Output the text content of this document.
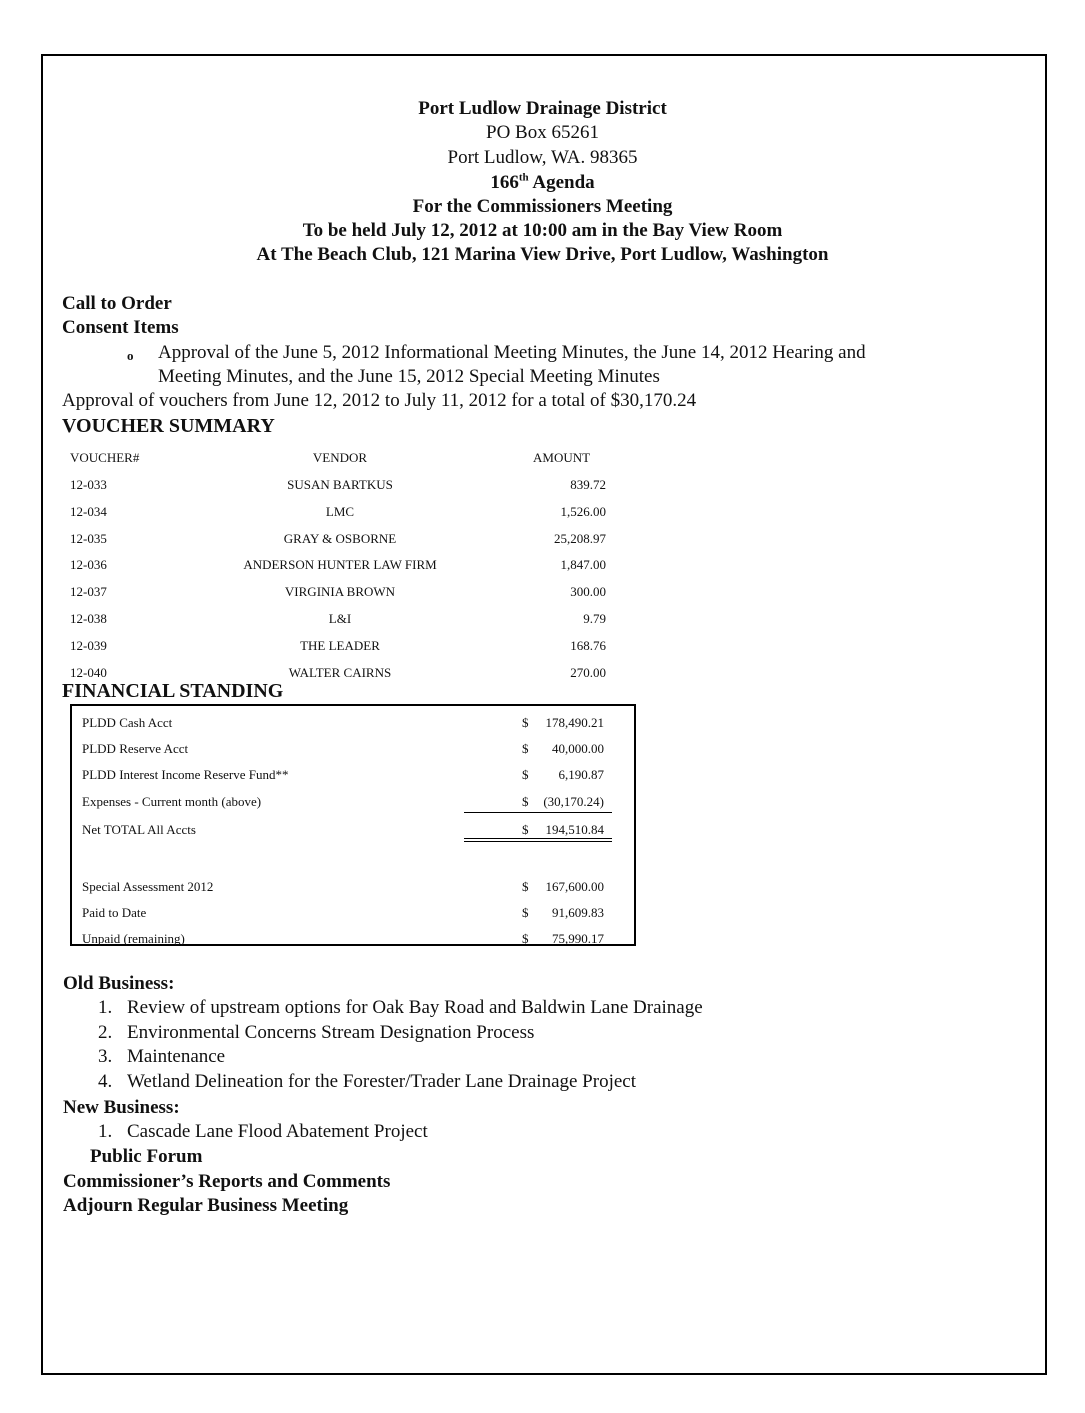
Port Ludlow Drainage District
PO Box 65261
Port Ludlow, WA. 98365
166th Agenda
For the Commissioners Meeting
To be held July 12, 2012 at 10:00 am in the Bay View Room
At The Beach Club, 121 Marina View Drive, Port Ludlow, Washington
Call to Order
Consent Items
o Approval of the June 5, 2012 Informational Meeting Minutes, the June 14, 2012 Hearing and
Meeting Minutes, and the June 15, 2012 Special Meeting Minutes
Approval of vouchers from June 12, 2012 to July 11, 2012 for a total of $30,170.24
VOUCHER SUMMARY
VOUCHER#	VENDOR	AMOUNT
12-033	SUSAN BARTKUS	839.72
12-034	LMC	1,526.00
12-035	GRAY & OSBORNE	25,208.97
12-036	ANDERSON HUNTER LAW FIRM	1,847.00
12-037	VIRGINIA BROWN	300.00
12-038	L&I	9.79
12-039	THE LEADER	168.76
12-040	WALTER CAIRNS	270.00
FINANCIAL STANDING
PLDD Cash Acct	$ 178,490.21
PLDD Reserve Acct	$ 40,000.00
PLDD Interest Income Reserve Fund**	$ 6,190.87
Expenses - Current month (above)	$ (30,170.24)
Net TOTAL All Accts	$ 194,510.84
Special Assessment 2012	$ 167,600.00
Paid to Date	$ 91,609.83
Unpaid (remaining)	$ 75,990.17
Old Business:
1. Review of upstream options for Oak Bay Road and Baldwin Lane Drainage
2. Environmental Concerns Stream Designation Process
3. Maintenance
4. Wetland Delineation for the Forester/Trader Lane Drainage Project
New Business:
1. Cascade Lane Flood Abatement Project
Public Forum
Commissioner’s Reports and Comments
Adjourn Regular Business Meeting
